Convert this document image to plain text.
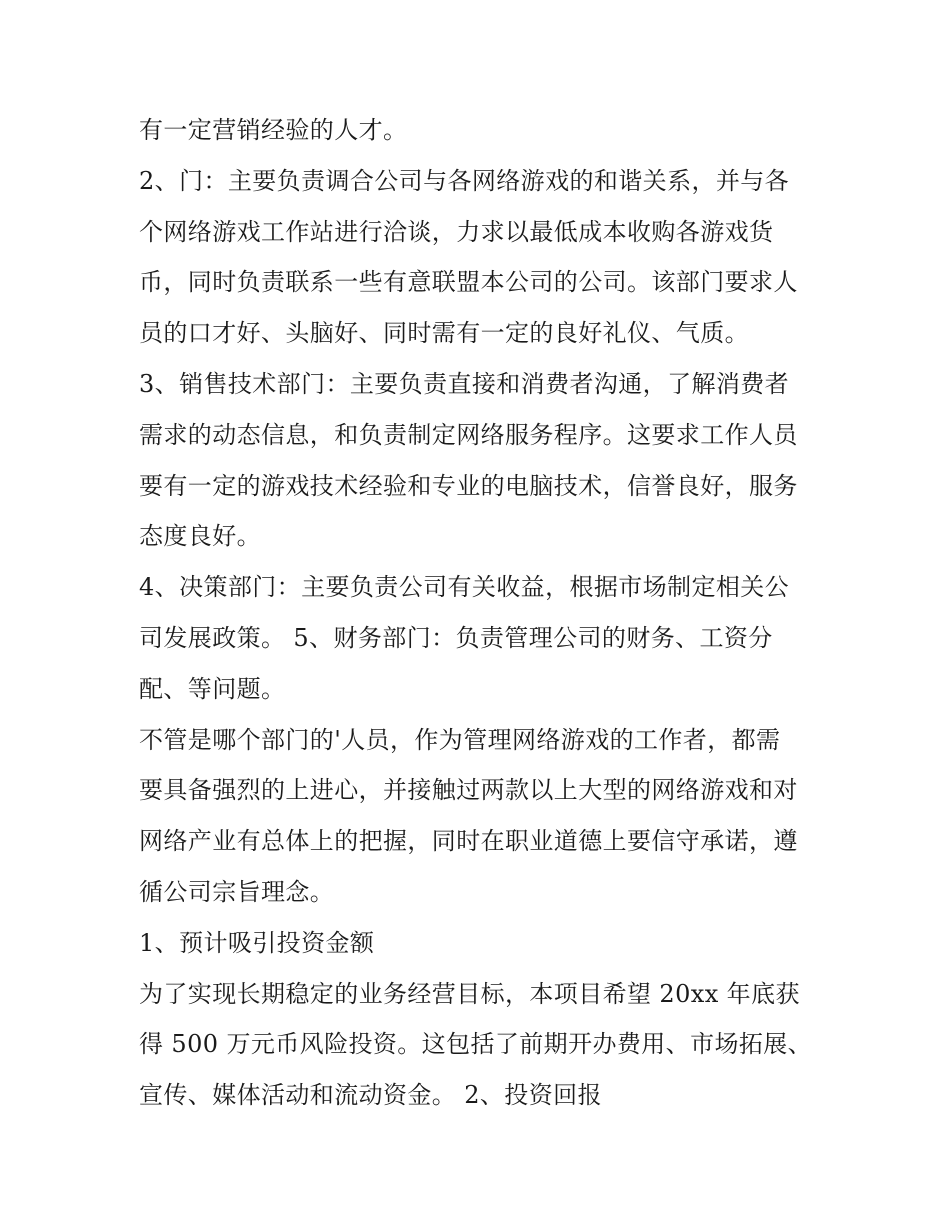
有一定营销经验的人才。
2、门：主要负责调合公司与各网络游戏的和谐关系，并与各
个网络游戏工作站进行洽谈，力求以最低成本收购各游戏货
币，同时负责联系一些有意联盟本公司的公司。该部门要求人
员的口才好、头脑好、同时需有一定的良好礼仪、气质。
3、销售技术部门：主要负责直接和消费者沟通，了解消费者
需求的动态信息，和负责制定网络服务程序。这要求工作人员
要有一定的游戏技术经验和专业的电脑技术，信誉良好，服务
态度良好。
4、决策部门：主要负责公司有关收益，根据市场制定相关公
司发展政策。 5、财务部门：负责管理公司的财务、工资分
配、等问题。
不管是哪个部门的'人员，作为管理网络游戏的工作者，都需
要具备强烈的上进心，并接触过两款以上大型的网络游戏和对
网络产业有总体上的把握，同时在职业道德上要信守承诺，遵
循公司宗旨理念。
1、预计吸引投资金额
为了实现长期稳定的业务经营目标，本项目希望 20xx 年底获
得 500 万元币风险投资。这包括了前期开办费用、市场拓展、
宣传、媒体活动和流动资金。 2、投资回报
